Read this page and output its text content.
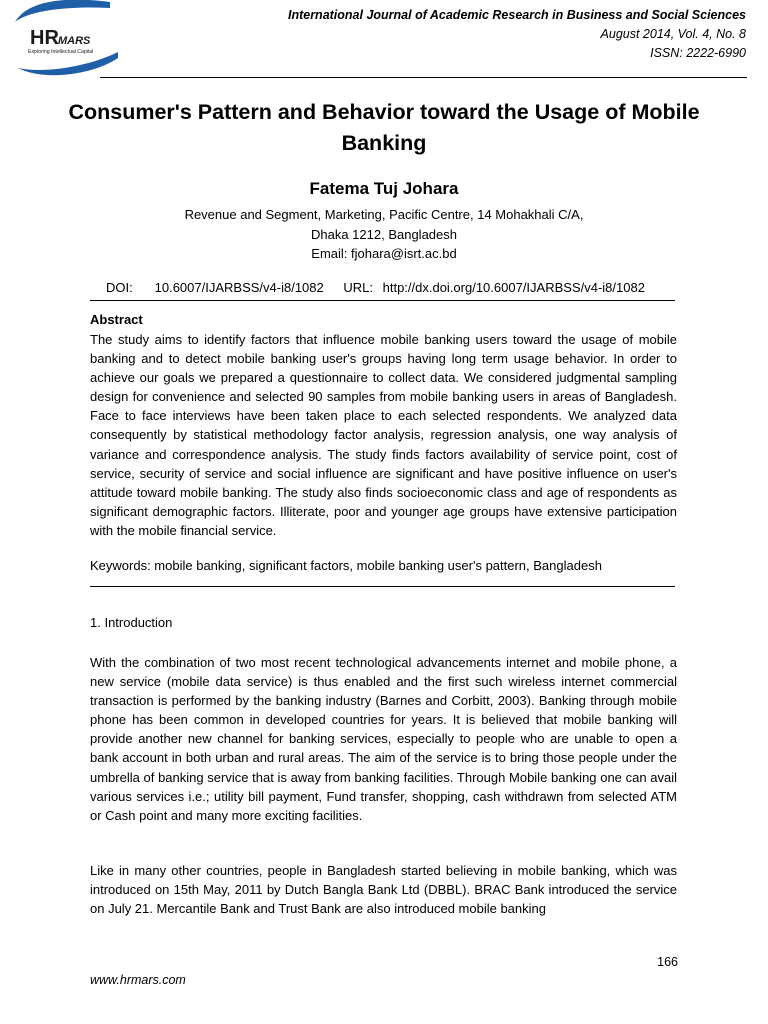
HR MARS
Exploring Intellectual Capital
International Journal of Academic Research in Business and Social Sciences
August 2014, Vol. 4, No. 8
ISSN: 2222-6990
Consumer's Pattern and Behavior toward the Usage of Mobile Banking
Fatema Tuj Johara
Revenue and Segment, Marketing, Pacific Centre, 14 Mohakhali C/A,
Dhaka 1212, Bangladesh
Email: fjohara@isrt.ac.bd
DOI: 10.6007/IJARBSS/v4-i8/1082 URL: http://dx.doi.org/10.6007/IJARBSS/v4-i8/1082
Abstract

The study aims to identify factors that influence mobile banking users toward the usage of mobile banking and to detect mobile banking user's groups having long term usage behavior. In order to achieve our goals we prepared a questionnaire to collect data. We considered judgmental sampling design for convenience and selected 90 samples from mobile banking users in areas of Bangladesh. Face to face interviews have been taken place to each selected respondents. We analyzed data consequently by statistical methodology factor analysis, regression analysis, one way analysis of variance and correspondence analysis. The study finds factors availability of service point, cost of service, security of service and social influence are significant and have positive influence on user's attitude toward mobile banking. The study also finds socioeconomic class and age of respondents as significant demographic factors. Illiterate, poor and younger age groups have extensive participation with the mobile financial service.

Keywords: mobile banking, significant factors, mobile banking user's pattern, Bangladesh
1. Introduction

With the combination of two most recent technological advancements internet and mobile phone, a new service (mobile data service) is thus enabled and the first such wireless internet commercial transaction is performed by the banking industry (Barnes and Corbitt, 2003). Banking through mobile phone has been common in developed countries for years. It is believed that mobile banking will provide another new channel for banking services, especially to people who are unable to open a bank account in both urban and rural areas. The aim of the service is to bring those people under the umbrella of banking service that is away from banking facilities. Through Mobile banking one can avail various services i.e.; utility bill payment, Fund transfer, shopping, cash withdrawn from selected ATM or Cash point and many more exciting facilities.

Like in many other countries, people in Bangladesh started believing in mobile banking, which was introduced on 15th May, 2011 by Dutch Bangla Bank Ltd (DBBL). BRAC Bank introduced the service on July 21. Mercantile Bank and Trust Bank are also introduced mobile banking

166
www.hrmars.com
